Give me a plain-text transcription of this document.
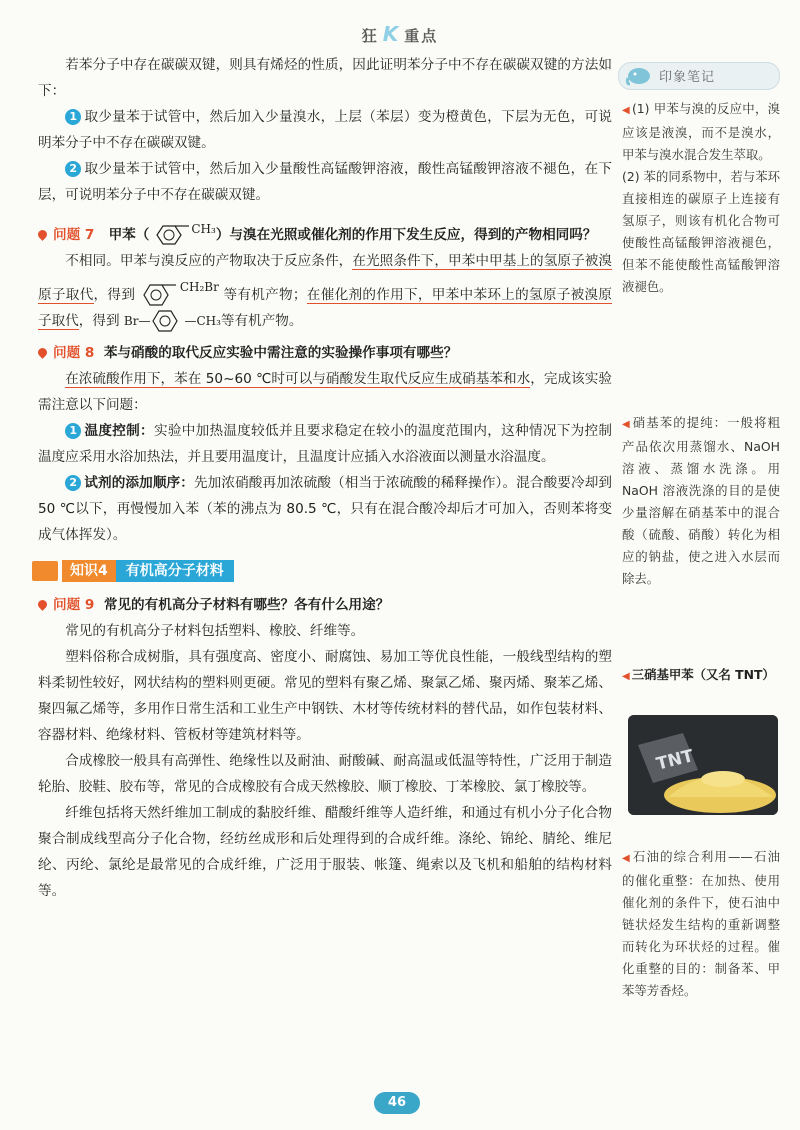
狂 K 重点

若苯分子中存在碳碳双键，则具有烯烃的性质，因此证明苯分子中不存在碳碳双键的方法如下：

1 取少量苯于试管中，然后加入少量溴水，上层（苯层）变为橙黄色，下层为无色，可说明苯分子中不存在碳碳双键。

2 取少量苯于试管中，然后加入少量酸性高锰酸钾溶液，酸性高锰酸钾溶液不褪色，在下层，可说明苯分子中不存在碳碳双键。

问题 7 甲苯（	CH₃）与溴在光照或催化剂的作用下发生反应，得到的产物相同吗？

不相同。甲苯与溴反应的产物取决于反应条件，在光照条件下，甲苯中甲基上的氢原子被溴原子取代，得到	CH₂Br 等有机产物；在催化剂的作用下，甲苯中苯环上的氢原子被溴原子取代，得到 Br—	—CH₃等有机产物。

问题 8 苯与硝酸的取代反应实验中需注意的实验操作事项有哪些？

在浓硫酸作用下，苯在 50~60 ℃时可以与硝酸发生取代反应生成硝基苯和水，完成该实验需注意以下问题：

1 温度控制：实验中加热温度较低并且要求稳定在较小的温度范围内，这种情况下为控制温度应采用水浴加热法，并且要用温度计，且温度计应插入水浴液面以测量水浴温度。

2 试剂的添加顺序：先加浓硝酸再加浓硫酸（相当于浓硫酸的稀释操作）。混合酸要冷却到 50 ℃以下，再慢慢加入苯（苯的沸点为 80.5 ℃，只有在混合酸冷却后才可加入，否则苯将变成气体挥发）。

知识4	有机高分子材料

问题 9 常见的有机高分子材料有哪些？各有什么用途？

常见的有机高分子材料包括塑料、橡胶、纤维等。

塑料俗称合成树脂，具有强度高、密度小、耐腐蚀、易加工等优良性能，一般线型结构的塑料柔韧性较好，网状结构的塑料则更硬。常见的塑料有聚乙烯、聚氯乙烯、聚丙烯、聚苯乙烯、聚四氟乙烯等，多用作日常生活和工业生产中钢铁、木材等传统材料的替代品，如作包装材料、容器材料、绝缘材料、管板材等建筑材料等。

合成橡胶一般具有高弹性、绝缘性以及耐油、耐酸碱、耐高温或低温等特性，广泛用于制造轮胎、胶鞋、胶布等，常见的合成橡胶有合成天然橡胶、顺丁橡胶、丁苯橡胶、氯丁橡胶等。

纤维包括将天然纤维加工制成的黏胶纤维、醋酸纤维等人造纤维，和通过有机小分子化合物聚合制成线型高分子化合物，经纺丝成形和后处理得到的合成纤维。涤纶、锦纶、腈纶、维尼纶、丙纶、氯纶是最常见的合成纤维，广泛用于服装、帐篷、绳索以及飞机和船舶的结构材料等。

印象笔记

◀ (1) 甲苯与溴的反应中，溴应该是液溴，而不是溴水，甲苯与溴水混合发生萃取。

(2) 苯的同系物中，若与苯环直接相连的碳原子上连接有氢原子，则该有机化合物可使酸性高锰酸钾溶液褪色，但苯不能使酸性高锰酸钾溶液褪色。

◀ 硝基苯的提纯：一般将粗产品依次用蒸馏水、NaOH 溶液、蒸馏水洗涤。用 NaOH 溶液洗涤的目的是使少量溶解在硝基苯中的混合酸（硫酸、硝酸）转化为相应的钠盐，使之进入水层而除去。

◀ 三硝基甲苯（又名 TNT）

TNT

◀ 石油的综合利用——石油的催化重整：在加热、使用催化剂的条件下，使石油中链状烃发生结构的重新调整而转化为环状烃的过程。催化重整的目的：制备苯、甲苯等芳香烃。

46
